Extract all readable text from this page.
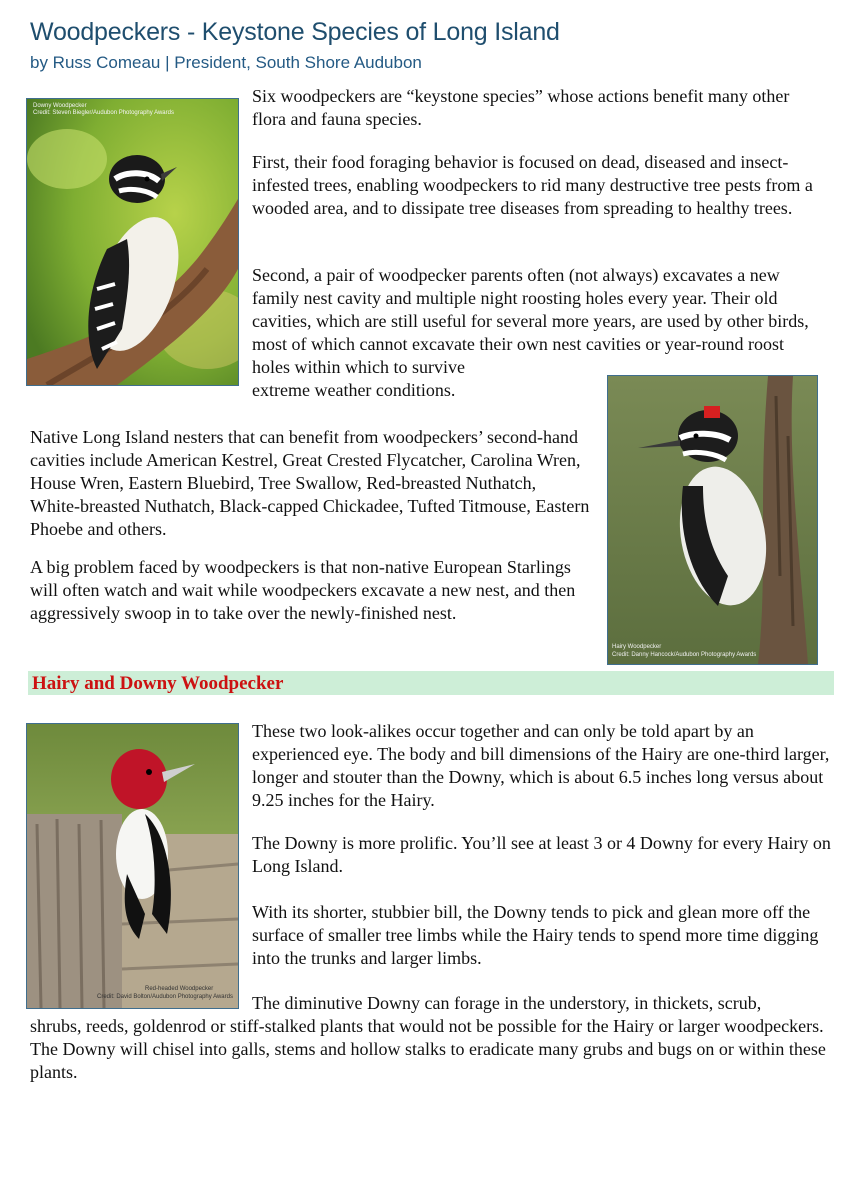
Woodpeckers - Keystone Species of Long Island
by Russ Comeau | President, South Shore Audubon
Downy Woodpecker
Credit: Steven Biegler/Audubon Photography Awards

Six woodpeckers are “keystone species” whose actions benefit many other flora and fauna species.

First, their food foraging behavior is focused on dead, diseased and insect-infested trees, enabling woodpeckers to rid many destructive tree pests from a wooded area, and to dissipate tree diseases from spreading to healthy trees.

Second, a pair of woodpecker parents often (not always) excavates a new family nest cavity and multiple night roosting holes every year. Their old cavities, which are still useful for several more years, are used by other birds, most of which cannot excavate their own nest cavities or year-round roost holes within which to survive

extreme weather conditions.

Hairy Woodpecker
Credit: Danny Hancock/Audubon Photography Awards

Native Long Island nesters that can benefit from woodpeckers’ second-hand cavities include American Kestrel, Great Crested Flycatcher, Carolina Wren, House Wren, Eastern Bluebird, Tree Swallow, Red-breasted Nuthatch, White-breasted Nuthatch, Black-capped Chickadee, Tufted Titmouse, Eastern Phoebe and others.

A big problem faced by woodpeckers is that non-native European Starlings will often watch and wait while woodpeckers excavate a new nest, and then aggressively swoop in to take over the newly-finished nest.

Hairy and Downy Woodpecker
Red-headed Woodpecker
Credit: David Bolton/Audubon Photography Awards

These two look-alikes occur together and can only be told apart by an experienced eye. The body and bill dimensions of the Hairy are one-third larger, longer and stouter than the Downy, which is about 6.5 inches long versus about 9.25 inches for the Hairy.

The Downy is more prolific. You’ll see at least 3 or 4 Downy for every Hairy on Long Island.

With its shorter, stubbier bill, the Downy tends to pick and glean more off the surface of smaller tree limbs while the Hairy tends to spend more time digging into the trunks and larger limbs.

The diminutive Downy can forage in the understory, in thickets, scrub,

shrubs, reeds, goldenrod or stiff-stalked plants that would not be possible for the Hairy or larger woodpeckers. The Downy will chisel into galls, stems and hollow stalks to eradicate many grubs and bugs on or within these plants.
